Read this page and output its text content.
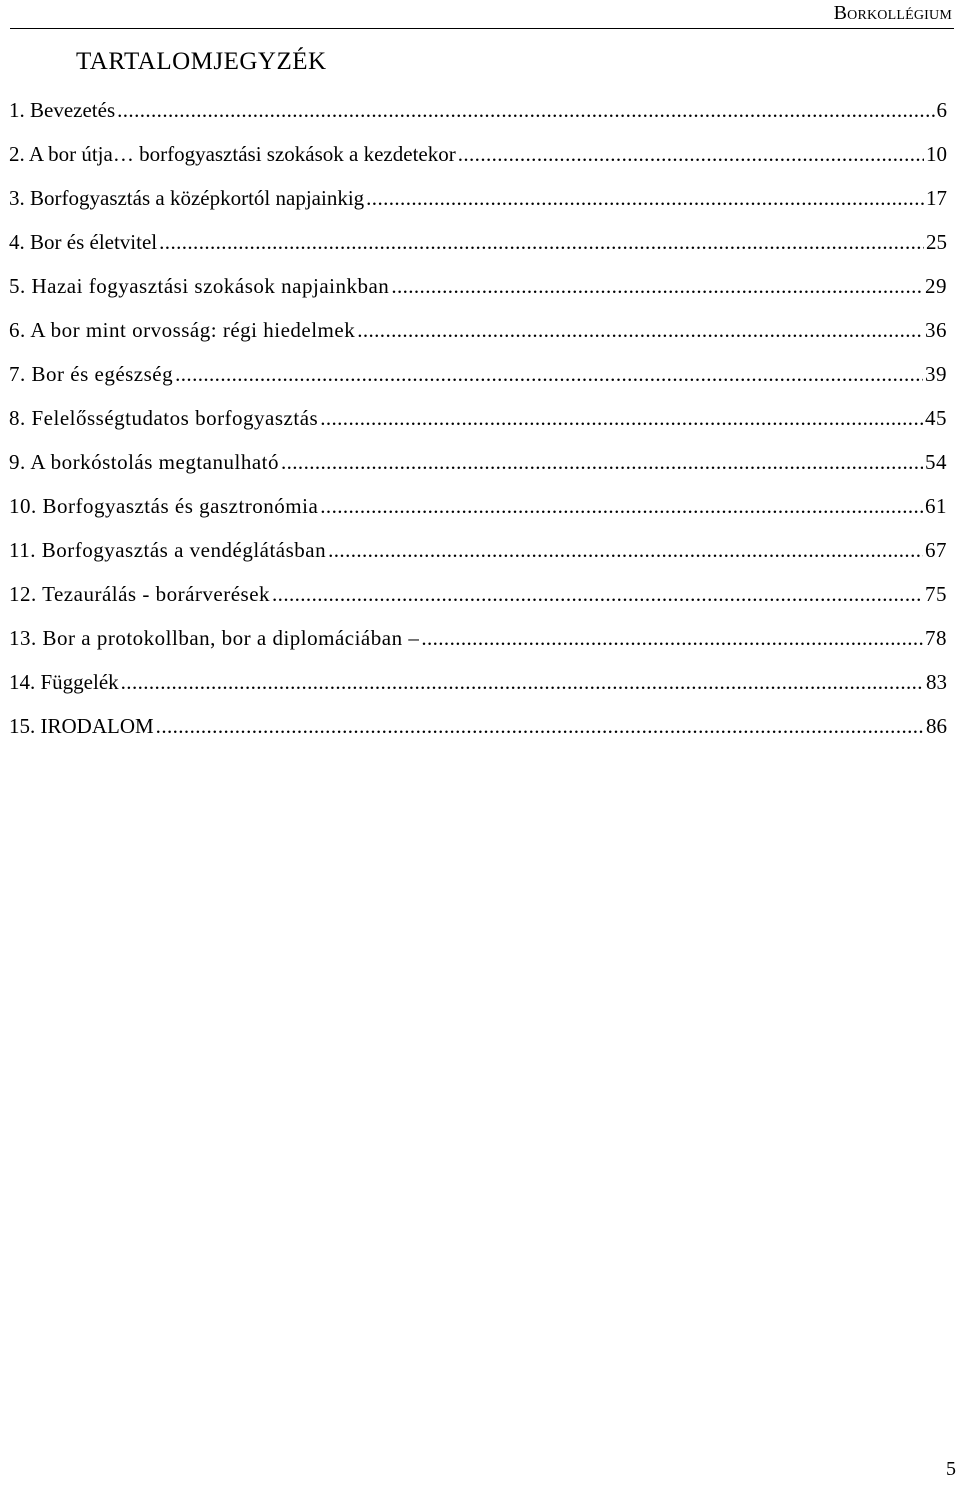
Borkollégium
TARTALOMJEGYZÉK
1. Bevezetés .....	6
2. A bor útja… borfogyasztási szokások a kezdetekor .....	10
3. Borfogyasztás a középkortól napjainkig .....	17
4. Bor és életvitel .....	25
5. Hazai fogyasztási szokások napjainkban .....	29
6. A bor mint orvosság: régi hiedelmek .....	36
7. Bor és egészség .....	39
8. Felelősségtudatos borfogyasztás .....	45
9. A borkóstolás megtanulható .....	54
10. Borfogyasztás és gasztronómia .....	61
11. Borfogyasztás a vendéglátásban .....	67
12. Tezaurálás - borárverések .....	75
13. Bor a protokollban, bor a diplomáciában – .....	78
14. Függelék .....	83
15. IRODALOM .....	86
5
